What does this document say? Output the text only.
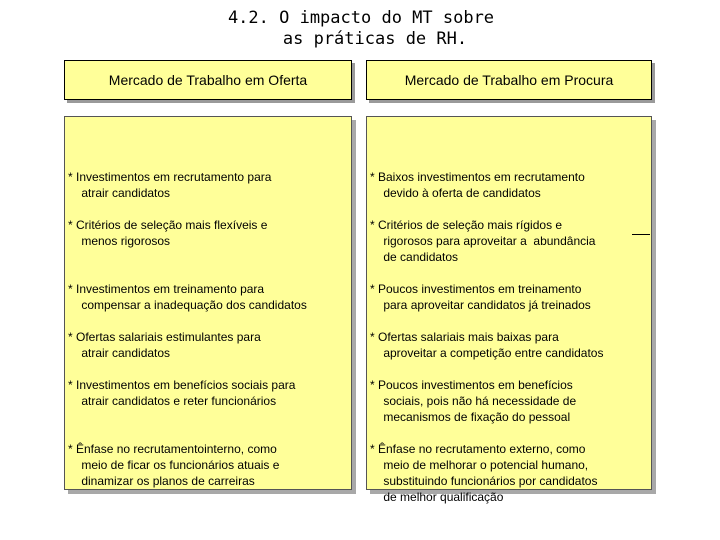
4.2. O impacto do MT sobre
as práticas de RH.
Mercado de Trabalho em Oferta	Mercado de Trabalho em Procura

* Investimentos em recrutamento para
atrair candidatos

* Critérios de seleção mais flexíveis e
menos rigorosos

* Investimentos em treinamento para
compensar a inadequação dos candidatos

* Ofertas salariais estimulantes para
atrair candidatos

* Investimentos em benefícios sociais para
atrair candidatos e reter funcionários

* Ênfase no recrutamentointerno, como
meio de ficar os funcionários atuais e
dinamizar os planos de carreiras

* Baixos investimentos em recrutamento
devido à oferta de candidatos

* Critérios de seleção mais rígidos e
rigorosos para aproveitar a  abundância
de candidatos

* Poucos investimentos em treinamento
para aproveitar candidatos já treinados

* Ofertas salariais mais baixas para
aproveitar a competição entre candidatos

* Poucos investimentos em benefícios
sociais, pois não há necessidade de
mecanismos de fixação do pessoal

* Ênfase no recrutamento externo, como
meio de melhorar o potencial humano,
substituindo funcionários por candidatos
de melhor qualificação
